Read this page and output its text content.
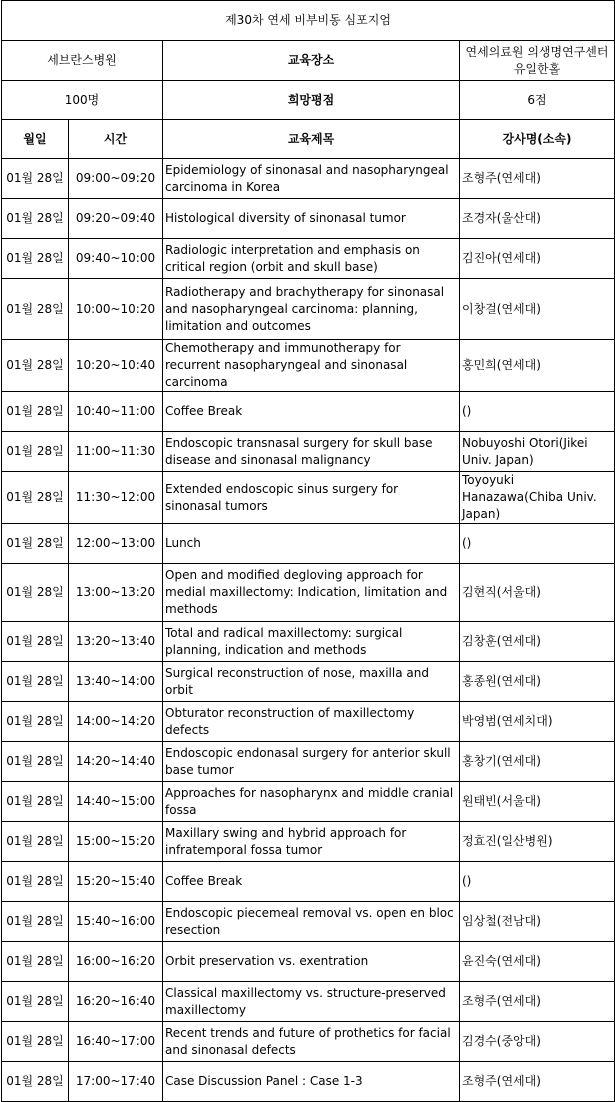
제30차 연세 비부비동 심포지엄			
세브란스병원		교육장소	연세의료원 의생명연구센터 유일한홀
100명		희망평점	6점
월일	시간	교육제목	강사명(소속)
01월 28일	09:00~09:20	Epidemiology of sinonasal and nasopharyngeal carcinoma in Korea	조형주(연세대)
01월 28일	09:20~09:40	Histological diversity of sinonasal tumor	조경자(울산대)
01월 28일	09:40~10:00	Radiologic interpretation and emphasis on critical region (orbit and skull base)	김진아(연세대)
01월 28일	10:00~10:20	Radiotherapy and brachytherapy for sinonasal and nasopharyngeal carcinoma: planning, limitation and outcomes	이창걸(연세대)
01월 28일	10:20~10:40	Chemotherapy and immunotherapy for recurrent nasopharyngeal and sinonasal carcinoma	홍민희(연세대)
01월 28일	10:40~11:00	Coffee Break	()
01월 28일	11:00~11:30	Endoscopic transnasal surgery for skull base disease and sinonasal malignancy	Nobuyoshi Otori(Jikei Univ. Japan)
01월 28일	11:30~12:00	Extended endoscopic sinus surgery for sinonasal tumors	Toyoyuki Hanazawa(Chiba Univ. Japan)
01월 28일	12:00~13:00	Lunch	()
01월 28일	13:00~13:20	Open and modified degloving approach for medial maxillectomy: Indication, limitation and methods	김현직(서울대)
01월 28일	13:20~13:40	Total and radical maxillectomy: surgical planning, indication and methods	김창훈(연세대)
01월 28일	13:40~14:00	Surgical reconstruction of nose, maxilla and orbit	홍종원(연세대)
01월 28일	14:00~14:20	Obturator reconstruction of maxillectomy defects	박영범(연세치대)
01월 28일	14:20~14:40	Endoscopic endonasal surgery for anterior skull base tumor	홍창기(연세대)
01월 28일	14:40~15:00	Approaches for nasopharynx and middle cranial fossa	원태빈(서울대)
01월 28일	15:00~15:20	Maxillary swing and hybrid approach for infratemporal fossa tumor	정효진(일산병원)
01월 28일	15:20~15:40	Coffee Break	()
01월 28일	15:40~16:00	Endoscopic piecemeal removal vs. open en bloc resection	임상철(전남대)
01월 28일	16:00~16:20	Orbit preservation vs. exentration	윤진숙(연세대)
01월 28일	16:20~16:40	Classical maxillectomy vs. structure-preserved maxillectomy	조형주(연세대)
01월 28일	16:40~17:00	Recent trends and future of prothetics for facial and sinonasal defects	김경수(중앙대)
01월 28일	17:00~17:40	Case Discussion Panel : Case 1-3	조형주(연세대)
